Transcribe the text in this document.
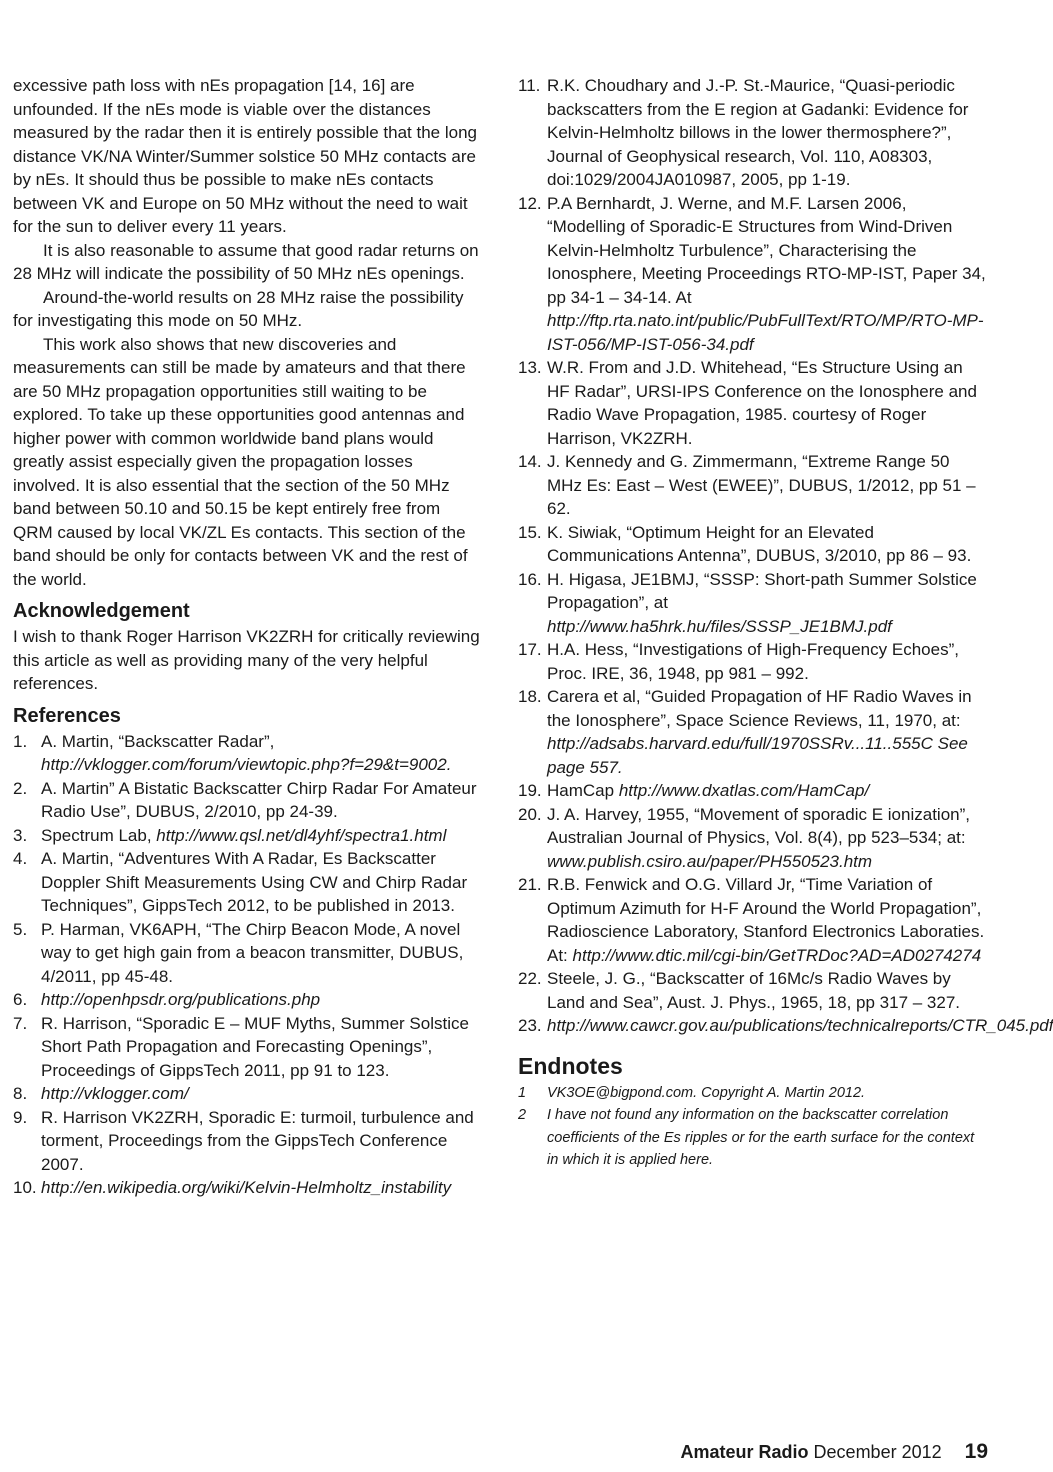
excessive path loss with nEs propagation [14, 16] are unfounded. If the nEs mode is viable over the distances measured by the radar then it is entirely possible that the long distance VK/NA Winter/Summer solstice 50 MHz contacts are by nEs. It should thus be possible to make nEs contacts between VK and Europe on 50 MHz without the need to wait for the sun to deliver every 11 years.

It is also reasonable to assume that good radar returns on 28 MHz will indicate the possibility of 50 MHz nEs openings.

Around-the-world results on 28 MHz raise the possibility for investigating this mode on 50 MHz.

This work also shows that new discoveries and measurements can still be made by amateurs and that there are 50 MHz propagation opportunities still waiting to be explored. To take up these opportunities good antennas and higher power with common worldwide band plans would greatly assist especially given the propagation losses involved. It is also essential that the section of the 50 MHz band between 50.10 and 50.15 be kept entirely free from QRM caused by local VK/ZL Es contacts. This section of the band should be only for contacts between VK and the rest of the world.

Acknowledgement

I wish to thank Roger Harrison VK2ZRH for critically reviewing this article as well as providing many of the very helpful references.

References

1. A. Martin, “Backscatter Radar”, http://vklogger.com/forum/viewtopic.php?f=29&t=9002.

2. A. Martin” A Bistatic Backscatter Chirp Radar For Amateur Radio Use”, DUBUS, 2/2010, pp 24-39.

3. Spectrum Lab, http://www.qsl.net/dl4yhf/spectra1.html

4. A. Martin, “Adventures With A Radar, Es Backscatter Doppler Shift Measurements Using CW and Chirp Radar Techniques”, GippsTech 2012, to be published in 2013.

5. P. Harman, VK6APH, “The Chirp Beacon Mode, A novel way to get high gain from a beacon transmitter, DUBUS, 4/2011, pp 45-48.

6. http://openhpsdr.org/publications.php

7. R. Harrison, “Sporadic E – MUF Myths, Summer Solstice Short Path Propagation and Forecasting Openings”, Proceedings of GippsTech 2011, pp 91 to 123.

8. http://vklogger.com/

9. R. Harrison VK2ZRH, Sporadic E: turmoil, turbulence and torment, Proceedings from the GippsTech Conference 2007.

10. http://en.wikipedia.org/wiki/Kelvin-Helmholtz_instability

11. R.K. Choudhary and J.-P. St.-Maurice, “Quasi-periodic backscatters from the E region at Gadanki: Evidence for Kelvin-Helmholtz billows in the lower thermosphere?”, Journal of Geophysical research, Vol. 110, A08303, doi:1029/2004JA010987, 2005, pp 1-19.

12. P.A Bernhardt, J. Werne, and M.F. Larsen 2006, “Modelling of Sporadic-E Structures from Wind-Driven Kelvin-Helmholtz Turbulence”, Characterising the Ionosphere, Meeting Proceedings RTO-MP-IST, Paper 34, pp 34-1 – 34-14. At http://ftp.rta.nato.int/public/PubFullText/RTO/MP/RTO-MP-IST-056/MP-IST-056-34.pdf

13. W.R. From and J.D. Whitehead, “Es Structure Using an HF Radar”, URSI-IPS Conference on the Ionosphere and Radio Wave Propagation, 1985. courtesy of Roger Harrison, VK2ZRH.

14. J. Kennedy and G. Zimmermann, “Extreme Range 50 MHz Es: East – West (EWEE)”, DUBUS, 1/2012, pp 51 – 62.

15. K. Siwiak, “Optimum Height for an Elevated Communications Antenna”, DUBUS, 3/2010, pp 86 – 93.

16. H. Higasa, JE1BMJ, “SSSP: Short-path Summer Solstice Propagation”, at http://www.ha5hrk.hu/files/SSSP_JE1BMJ.pdf

17. H.A. Hess, “Investigations of High-Frequency Echoes”, Proc. IRE, 36, 1948, pp 981 – 992.

18. Carera et al, “Guided Propagation of HF Radio Waves in the Ionosphere”, Space Science Reviews, 11, 1970, at: http://adsabs.harvard.edu/full/1970SSRv...11..555C See page 557.

19. HamCap http://www.dxatlas.com/HamCap/

20. J. A. Harvey, 1955, “Movement of sporadic E ionization”, Australian Journal of Physics, Vol. 8(4), pp 523–534; at: www.publish.csiro.au/paper/PH550523.htm

21. R.B. Fenwick and O.G. Villard Jr, “Time Variation of Optimum Azimuth for H-F Around the World Propagation”, Radioscience Laboratory, Stanford Electronics Laboraties. At: http://www.dtic.mil/cgi-bin/GetTRDoc?AD=AD0274274

22. Steele, J. G., “Backscatter of 16Mc/s Radio Waves by Land and Sea”, Aust. J. Phys., 1965, 18, pp 317 – 327.

23. http://www.cawcr.gov.au/publications/technicalreports/CTR_045.pdf

Endnotes

1 VK3OE@bigpond.com. Copyright A. Martin 2012.

2 I have not found any information on the backscatter correlation coefficients of the Es ripples or for the earth surface for the context in which it is applied here.

Amateur Radio December 2012 19
